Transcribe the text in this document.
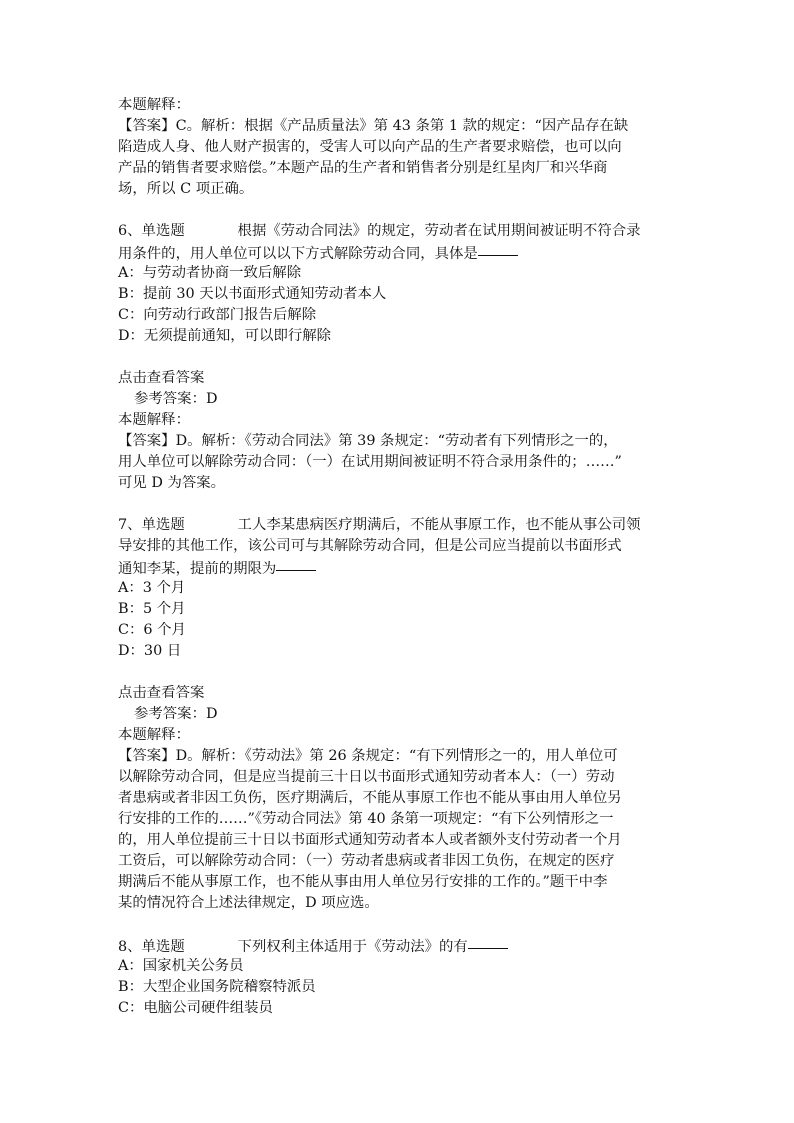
本题解释：
【答案】C。解析：根据《产品质量法》第 43 条第 1 款的规定：“因产品存在缺
陷造成人身、他人财产损害的，受害人可以向产品的生产者要求赔偿，也可以向
产品的销售者要求赔偿。”本题产品的生产者和销售者分别是红星肉厂和兴华商
场，所以 C 项正确。
6、单选题	根据《劳动合同法》的规定，劳动者在试用期间被证明不符合录
用条件的，用人单位可以以下方式解除劳动合同，具体是
A：与劳动者协商一致后解除
B：提前 30 天以书面形式通知劳动者本人
C：向劳动行政部门报告后解除
D：无须提前通知，可以即行解除
点击查看答案
参考答案：D
本题解释：
【答案】D。解析：《劳动合同法》第 39 条规定：“劳动者有下列情形之一的，
用人单位可以解除劳动合同：（一）在试用期间被证明不符合录用条件的；……”
可见 D 为答案。
7、单选题	工人李某患病医疗期满后，不能从事原工作，也不能从事公司领
导安排的其他工作，该公司可与其解除劳动合同，但是公司应当提前以书面形式
通知李某，提前的期限为
A：3 个月
B：5 个月
C：6 个月
D：30 日
点击查看答案
参考答案：D
本题解释：
【答案】D。解析：《劳动法》第 26 条规定：“有下列情形之一的，用人单位可
以解除劳动合同，但是应当提前三十日以书面形式通知劳动者本人：（一）劳动
者患病或者非因工负伤，医疗期满后，不能从事原工作也不能从事由用人单位另
行安排的工作的……”《劳动合同法》第 40 条第一项规定：“有下公列情形之一
的，用人单位提前三十日以书面形式通知劳动者本人或者额外支付劳动者一个月
工资后，可以解除劳动合同：（一）劳动者患病或者非因工负伤，在规定的医疗
期满后不能从事原工作，也不能从事由用人单位另行安排的工作的。”题干中李
某的情况符合上述法律规定，D 项应选。
8、单选题	下列权利主体适用于《劳动法》的有
A：国家机关公务员
B：大型企业国务院稽察特派员
C：电脑公司硬件组装员
